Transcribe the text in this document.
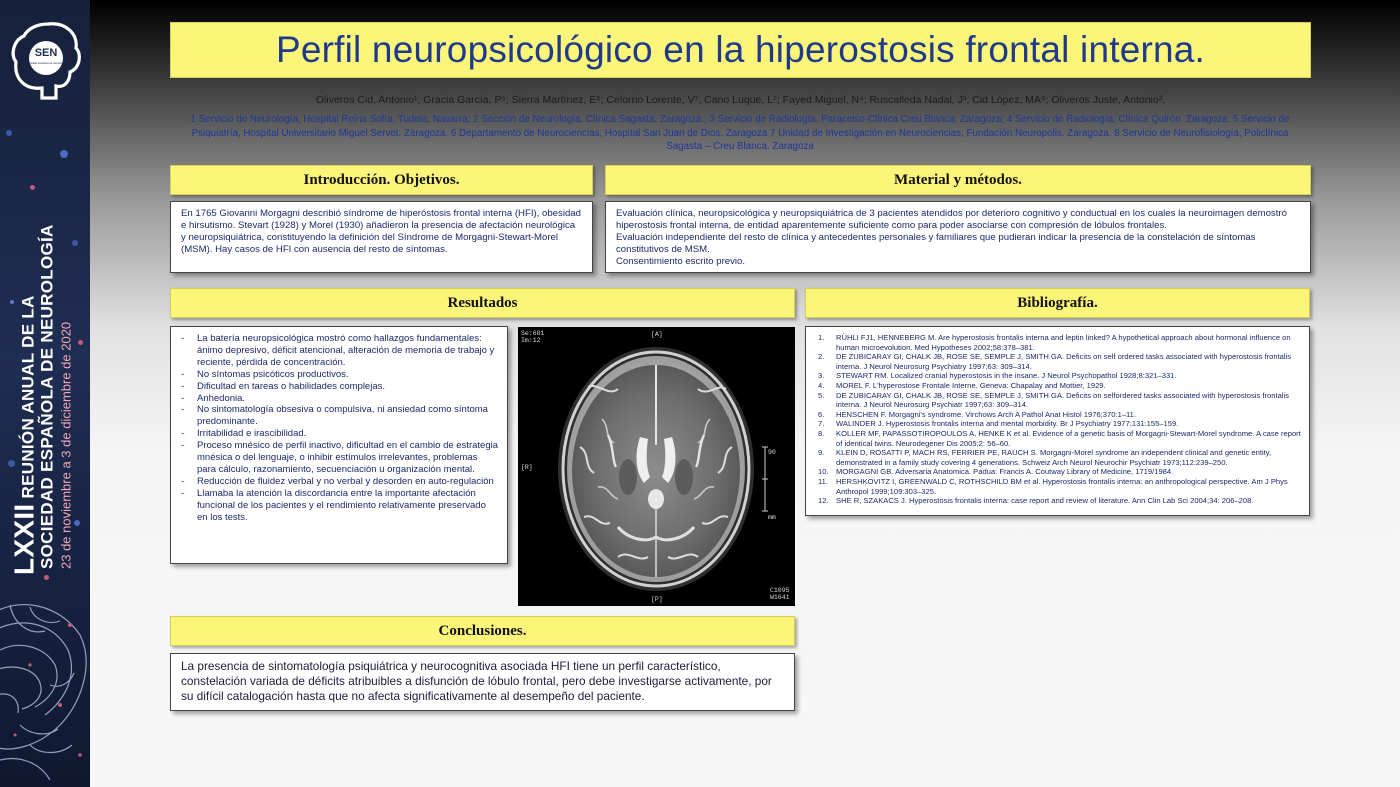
SEN
Sociedad Española de Neurología
LXXII REUNIÓN ANUAL DE LA SOCIEDAD ESPAÑOLA DE NEUROLOGÍA 23 de noviembre a 3 de diciembre de 2020
Perfil neuropsicológico en la hiperostosis frontal interna.
Oliveros Cid, Antonio¹; Gracia García, P⁵; Sierra Martínez, E⁶; Celorrio Lorente, V⁷; Cano Luque, L⁷; Fayed Miguel, N⁴; Ruscalleda Nadal, J³; Cid López, MA⁸; Oliveros Juste, Antonio².
1 Servicio de Neurología, Hospital Reina Sofía. Tudela, Navarra; 2 Sección de Neurología. Clínica Sagasta, Zaragoza.; 3 Servicio de Radiología. Paracelso-Clínica Creu Blanca. Zaragoza; 4 Servicio de Radiología, Clínica Quirón. Zaragoza. 5 Servicio de Psiquiatría, Hospital Universitario Miguel Servet. Zaragoza. 6 Departamento de Neurociencias, Hospital San Juan de Dios. Zaragoza 7 Unidad de Investigación en Neurociencias, Fundación Neuropolis. Zaragoza. 8 Servicio de Neurofisiología, Policlínica Sagasta – Creu Blanca. Zaragoza
Introducción. Objetivos.

En 1765 Giovanni Morgagni describió síndrome de hiperóstosis frontal interna (HFI), obesidad e hirsutismo. Stevart (1928) y Morel (1930) añadieron la presencia de afectación neurológica y neuropsiquiátrica, constituyendo la definición del Síndrome de Morgagni-Stewart-Morel (MSM). Hay casos de HFI con ausencia del resto de síntomas.

Material y métodos.
Evaluación clínica, neuropsicológica y neuropsiquiátrica de 3 pacientes atendidos por deterioro cognitivo y conductual en los cuales la neuroimagen demostró hiperostosis frontal interna, de entidad aparentemente suficiente como para poder asociarse con compresión de lóbulos frontales.
Evaluación independiente del resto de clínica y antecedentes personales y familiares que pudieran indicar la presencia de la constelación de síntomas constitutivos de MSM.
Consentimiento escrito previo.
Resultados
- La batería neuropsicológica mostró como hallazgos fundamentales: ánimo depresivo, déficit atencional, alteración de memoria de trabajo y reciente, pérdida de concentración.
- No síntomas psicóticos productivos.
- Dificultad en tareas o habilidades complejas.
- Anhedonia.
- No sintomatología obsesiva o compulsiva, ni ansiedad como síntoma predominante.
- Irritabilidad e irascibilidad.
- Proceso mnésico de perfil inactivo, dificultad en el cambio de estrategia mnésica o del lenguaje, o inhibir estímulos irrelevantes, problemas para cálculo, razonamiento, secuenciación u organización mental.
- Reducción de fluidez verbal y no verbal y desorden en auto-regulación
- Llamaba la atención la discordancia entre la importante afectación funcional de los pacientes y el rendimiento relativamente preservado en los tests.
Se:601
Im:12
[A]
[R]
[P]
90
mm
C1095
W1641
Bibliografía.
1.	RÜHLI FJ1, HENNEBERG M. Are hyperostosis frontalis interna and leptin linked? A hypothetical approach about hormonal influence on human microevolution. Med Hypotheses 2002;58:378–381.
2.	DE ZUBICARAY GI, CHALK JB, ROSE SE, SEMPLE J, SMITH GA. Deficits on self ordered tasks associated with hyperostosis frontalis interna. J Neurol Neurosurg Psychiatry 1997;63: 309–314.
3.	STEWART RM. Localized cranial hyperostosis in the insane. J Neurol Psychopathol 1928;8:321–331.
4.	MOREL F. L'hyperostose Frontale Interne. Geneva: Chapalay and Mottier, 1929.
5.	DE ZUBICARAY GI, CHALK JB, ROSE SE, SEMPLE J, SMITH GA. Deficits on selfordered tasks associated with hyperostosis frontalis interna. J Neurol Neurosurg Psychiatr 1997;63: 309–314.
6.	HENSCHEN F. Morgagni's syndrome. Virchows Arch A Pathol Anat Histol 1976;370:1–11.
7.	WALINDER J. Hyperostosis frontalis interna and mental morbidity. Br J Psychiatry 1977;131:155–159.
8.	KOLLER MF, PAPASSOTIROPOULOS A, HENKE K et al. Evidence of a genetic basis of Morgagni-Stewart-Morel syndrome. A case report of identical twins. Neurodegener Dis 2005;2: 56–60.
9.	KLEIN D, ROSATTI P, MACH RS, FERRIER PE, RAUCH S. Morgagni-Morel syndrome an independent clinical and genetic entity, demonstrated in a family study covering 4 generations. Schweiz Arch Neurol Neurochir Psychiatr 1973;112:239–250.
10. MORGAGNI GB. Adversaria Anatomica. Padua: Francis A. Coutway Library of Medicine, 1719/1984.
11.	HERSHKOVITZ I, GREENWALD C, ROTHSCHILD BM et al. Hyperostosis frontalis interna: an anthropological perspective. Am J Phys Anthropol 1999;109:303–325.
12. SHE R, SZAKACS J. Hyperostosis frontalis interna: case report and review of literature. Ann Clin Lab Sci 2004;34: 206–208.
Conclusiones.

La presencia de sintomatología psiquiátrica y neurocognitiva asociada HFI tiene un perfil característico, constelación variada de déficits atribuibles a disfunción de lóbulo frontal, pero debe investigarse activamente, por su difícil catalogación hasta que no afecta significativamente al desempeño del paciente.
